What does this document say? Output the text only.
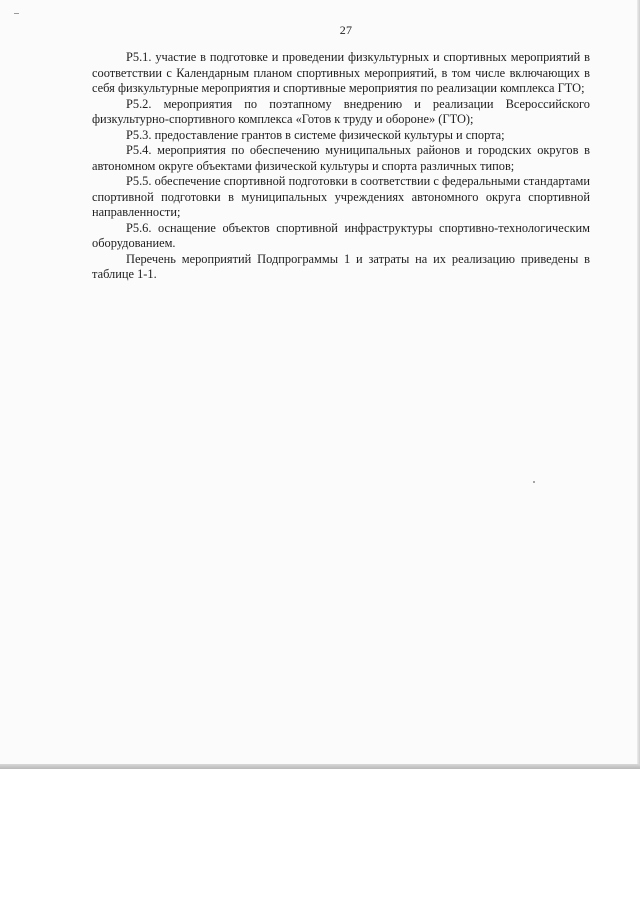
27

Р5.1. участие в подготовке и проведении физкультурных и спортивных мероприятий в соответствии с Календарным планом спортивных мероприятий, в том числе включающих в себя физкультурные мероприятия и спортивные мероприятия по реализации комплекса ГТО;

Р5.2. мероприятия по поэтапному внедрению и реализации Всероссийского физкультурно-спортивного комплекса «Готов к труду и обороне» (ГТО);

Р5.3. предоставление грантов в системе физической культуры и спорта;

Р5.4. мероприятия по обеспечению муниципальных районов и городских округов в автономном округе объектами физической культуры и спорта различных типов;

Р5.5. обеспечение спортивной подготовки в соответствии с федеральными стандартами спортивной подготовки в муниципальных учреждениях автономного округа спортивной направленности;

Р5.6. оснащение объектов спортивной инфраструктуры спортивно-технологическим оборудованием.

Перечень мероприятий Подпрограммы 1 и затраты на их реализацию приведены в таблице 1-1.
